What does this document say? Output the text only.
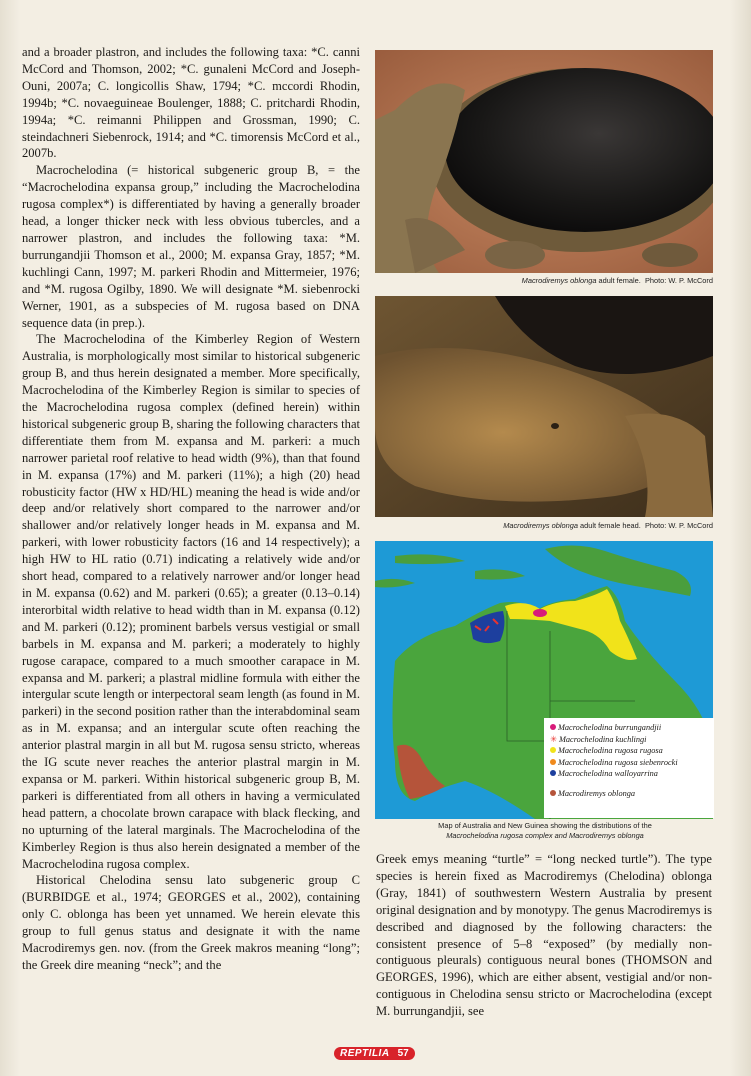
and a broader plastron, and includes the following taxa: *C. canni McCord and Thomson, 2002; *C. gunaleni McCord and Joseph-Ouni, 2007a; C. longicollis Shaw, 1794; *C. mccordi Rhodin, 1994b; *C. novaeguineae Boulenger, 1888; C. pritchardi Rhodin, 1994a; *C. reimanni Philippen and Grossman, 1990; C. steindachneri Siebenrock, 1914; and *C. timorensis McCord et al., 2007b.

Macrochelodina (= historical subgeneric group B, = the “Macrochelodina expansa group,” including the Macrochelodina rugosa complex*) is differentiated by having a generally broader head, a longer thicker neck with less obvious tubercles, and a narrower plastron, and includes the following taxa: *M. burrungandjii Thomson et al., 2000; M. expansa Gray, 1857; *M. kuchlingi Cann, 1997; M. parkeri Rhodin and Mittermeier, 1976; and *M. rugosa Ogilby, 1890. We will designate *M. siebenrocki Werner, 1901, as a subspecies of M. rugosa based on DNA sequence data (in prep.).

The Macrochelodina of the Kimberley Region of Western Australia, is morphologically most similar to historical subgeneric group B, and thus herein designated a member. More specifically, Macrochelodina of the Kimberley Region is similar to species of the Macrochelodina rugosa complex (defined herein) within historical subgeneric group B, sharing the following characters that differentiate them from M. expansa and M. parkeri: a much narrower parietal roof relative to head width (9%), than that found in M. expansa (17%) and M. parkeri (11%); a high (20) head robusticity factor (HW x HD/HL) meaning the head is wide and/or deep and/or relatively short compared to the narrower and/or shallower and/or relatively longer heads in M. expansa and M. parkeri, with lower robusticity factors (16 and 14 respectively); a high HW to HL ratio (0.71) indicating a relatively wide and/or short head, compared to a relatively narrower and/or longer head in M. expansa (0.62) and M. parkeri (0.65); a greater (0.13–0.14) interorbital width relative to head width than in M. expansa (0.12) and M. parkeri (0.12); prominent barbels versus vestigial or small barbels in M. expansa and M. parkeri; a moderately to highly rugose carapace, compared to a much smoother carapace in M. expansa and M. parkeri; a plastral midline formula with either the intergular scute length or interpectoral seam length (as found in M. parkeri) in the second position rather than the interabdominal seam as in M. expansa; and an intergular scute often reaching the anterior plastral margin in all but M. rugosa sensu stricto, whereas the IG scute never reaches the anterior plastral margin in M. expansa or M. parkeri. Within historical subgeneric group B, M. parkeri is differentiated from all others in having a vermiculated head pattern, a chocolate brown carapace with black flecking, and no upturning of the lateral marginals. The Macrochelodina of the Kimberley Region is thus also herein designated a member of the Macrochelodina rugosa complex.

Historical Chelodina sensu lato subgeneric group C (BURBIDGE et al., 1974; GEORGES et al., 2002), containing only C. oblonga has been yet unnamed. We herein elevate this group to full genus status and designate it with the name Macrodiremys gen. nov. (from the Greek makros meaning “long”; the Greek dire meaning “neck”; and the

Macrodiremys oblonga adult female. Photo: W. P. McCord
Macrodiremys oblonga adult female head. Photo: W. P. McCord
Macrochelodina burrungandjii
✳ Macrochelodina kuchlingi
Macrochelodina rugosa rugosa
Macrochelodina rugosa siebenrocki
Macrochelodina walloyarrina
Macrodiremys oblonga
Map of Australia and New Guinea showing the distributions of the
Macrochelodina rugosa complex and Macrodiremys oblonga

Greek emys meaning “turtle” = “long necked turtle”). The type species is herein fixed as Macrodiremys (Chelodina) oblonga (Gray, 1841) of southwestern Western Australia by present original designation and by monotypy. The genus Macrodiremys is described and diagnosed by the following characters: the consistent presence of 5–8 “exposed” (by medially non-contiguous pleurals) contiguous neural bones (THOMSON and GEORGES, 1996), which are either absent, vestigial and/or non-contiguous in Chelodina sensu stricto or Macrochelodina (except M. burrungandjii, see

REPTILIA 57
